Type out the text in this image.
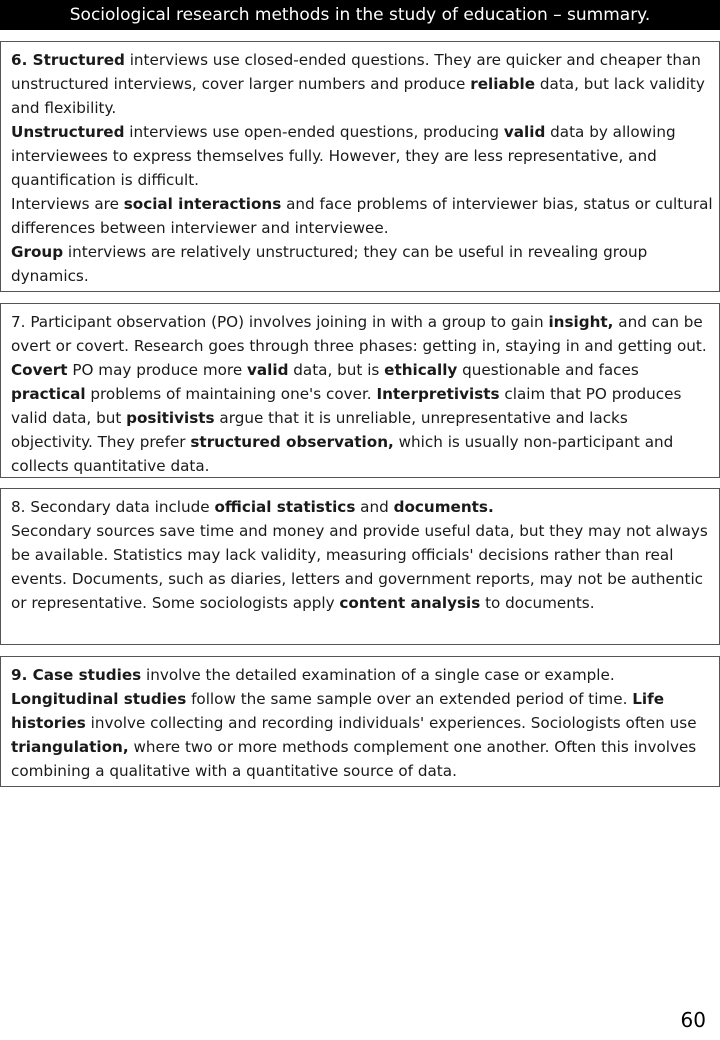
Sociological research methods in the study of education – summary.

6. Structured interviews use closed-ended questions. They are quicker and cheaper than unstructured interviews, cover larger numbers and produce reliable data, but lack validity and flexibility.

Unstructured interviews use open-ended questions, producing valid data by allowing interviewees to express themselves fully. However, they are less representative, and quantification is difficult.

Interviews are social interactions and face problems of interviewer bias, status or cultural differences between interviewer and interviewee.

Group interviews are relatively unstructured; they can be useful in revealing group dynamics.

7. Participant observation (PO) involves joining in with a group to gain insight, and can be overt or covert. Research goes through three phases: getting in, staying in and getting out. Covert PO may produce more valid data, but is ethically questionable and faces practical problems of maintaining one's cover. Interpretivists claim that PO produces valid data, but positivists argue that it is unreliable, unrepresentative and lacks objectivity. They prefer structured observation, which is usually non-participant and collects quantitative data.

8. Secondary data include official statistics and documents.

Secondary sources save time and money and provide useful data, but they may not always be available. Statistics may lack validity, measuring officials' decisions rather than real events. Documents, such as diaries, letters and government reports, may not be authentic or representative. Some sociologists apply content analysis to documents.

9. Case studies involve the detailed examination of a single case or example. Longitudinal studies follow the same sample over an extended period of time. Life histories involve collecting and recording individuals' experiences. Sociologists often use triangulation, where two or more methods complement one another. Often this involves combining a qualitative with a quantitative source of data.

60
